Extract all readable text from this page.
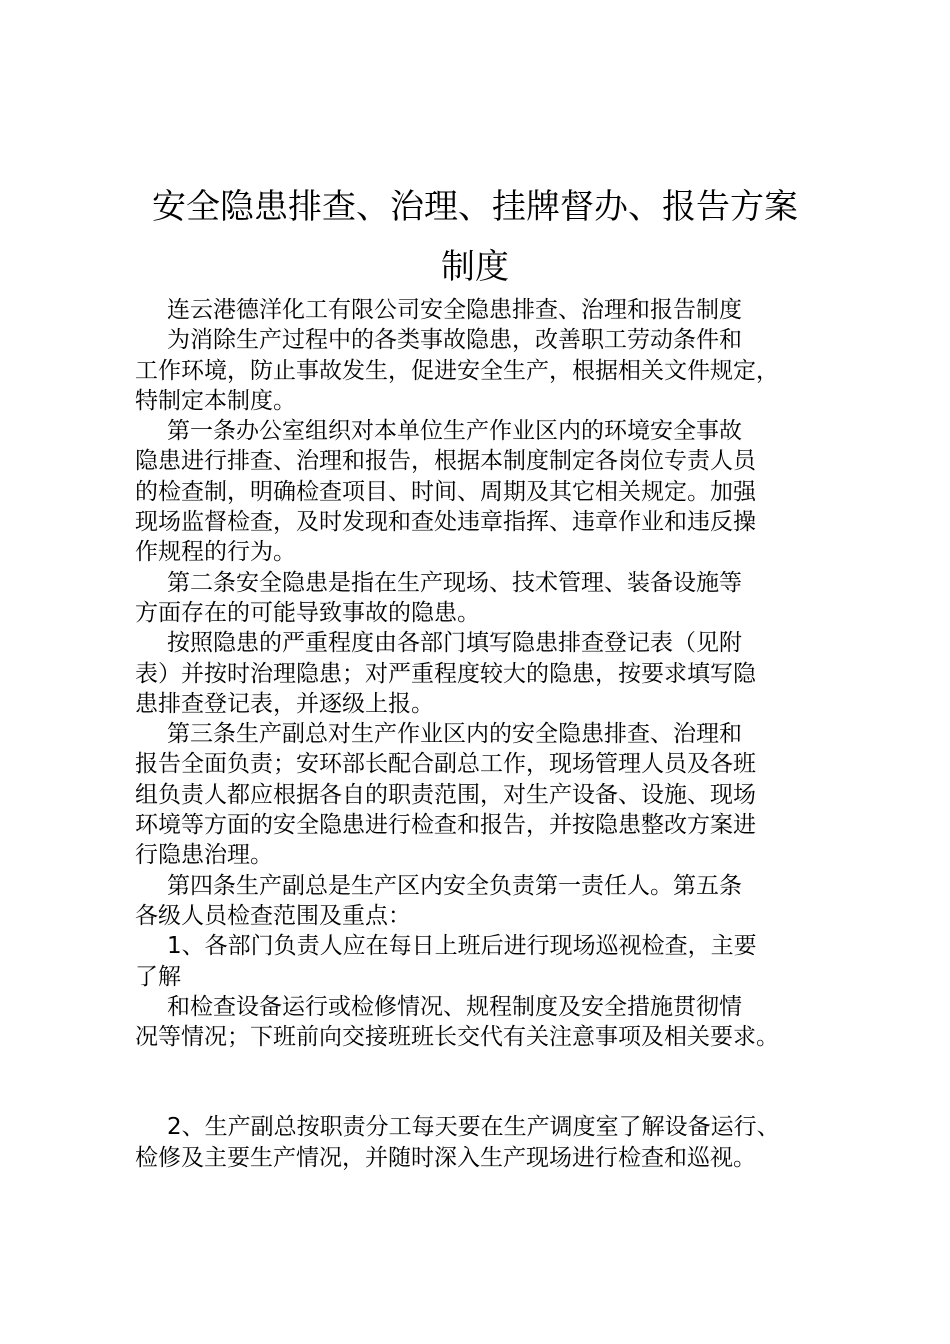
安全隐患排查、治理、挂牌督办、报告方案
制度
连云港德洋化工有限公司安全隐患排查、治理和报告制度
为消除生产过程中的各类事故隐患，改善职工劳动条件和
工作环境，防止事故发生，促进安全生产，根据相关文件规定，
特制定本制度。
第一条办公室组织对本单位生产作业区内的环境安全事故
隐患进行排查、治理和报告，根据本制度制定各岗位专责人员
的检查制，明确检查项目、时间、周期及其它相关规定。加强
现场监督检查，及时发现和查处违章指挥、违章作业和违反操
作规程的行为。
第二条安全隐患是指在生产现场、技术管理、装备设施等
方面存在的可能导致事故的隐患。
按照隐患的严重程度由各部门填写隐患排查登记表（见附
表）并按时治理隐患；对严重程度较大的隐患，按要求填写隐
患排查登记表，并逐级上报。
第三条生产副总对生产作业区内的安全隐患排查、治理和
报告全面负责；安环部长配合副总工作，现场管理人员及各班
组负责人都应根据各自的职责范围，对生产设备、设施、现场
环境等方面的安全隐患进行检查和报告，并按隐患整改方案进
行隐患治理。
第四条生产副总是生产区内安全负责第一责任人。第五条
各级人员检查范围及重点：
1、各部门负责人应在每日上班后进行现场巡视检查，主要
了解
和检查设备运行或检修情况、规程制度及安全措施贯彻情
况等情况；下班前向交接班班长交代有关注意事项及相关要求。
2、生产副总按职责分工每天要在生产调度室了解设备运行、
检修及主要生产情况，并随时深入生产现场进行检查和巡视。
